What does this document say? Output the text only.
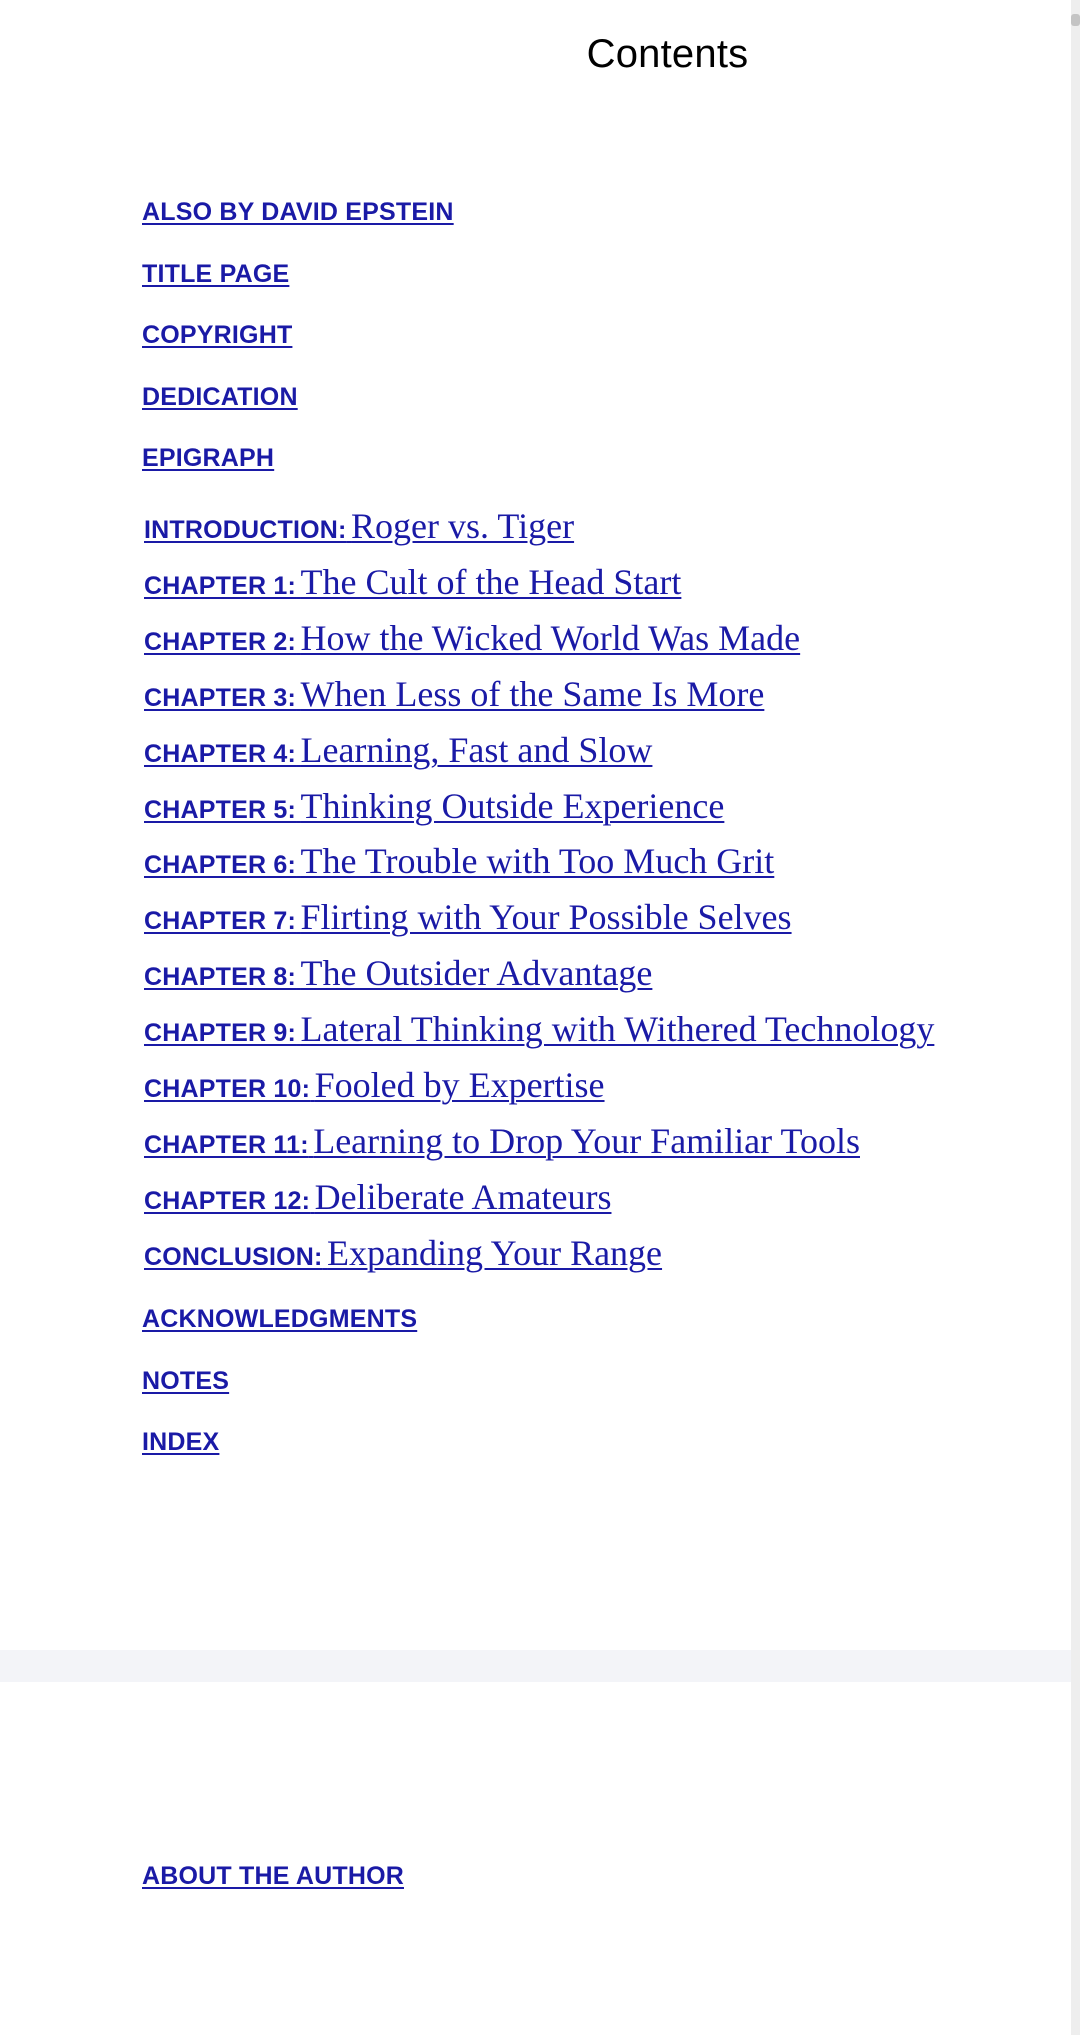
Contents
ALSO BY DAVID EPSTEIN
TITLE PAGE
COPYRIGHT
DEDICATION
EPIGRAPH
INTRODUCTION: Roger vs. Tiger
CHAPTER 1: The Cult of the Head Start
CHAPTER 2: How the Wicked World Was Made
CHAPTER 3: When Less of the Same Is More
CHAPTER 4: Learning, Fast and Slow
CHAPTER 5: Thinking Outside Experience
CHAPTER 6: The Trouble with Too Much Grit
CHAPTER 7: Flirting with Your Possible Selves
CHAPTER 8: The Outsider Advantage
CHAPTER 9: Lateral Thinking with Withered Technology
CHAPTER 10: Fooled by Expertise
CHAPTER 11: Learning to Drop Your Familiar Tools
CHAPTER 12: Deliberate Amateurs
CONCLUSION: Expanding Your Range
ACKNOWLEDGMENTS
NOTES
INDEX
ABOUT THE AUTHOR
